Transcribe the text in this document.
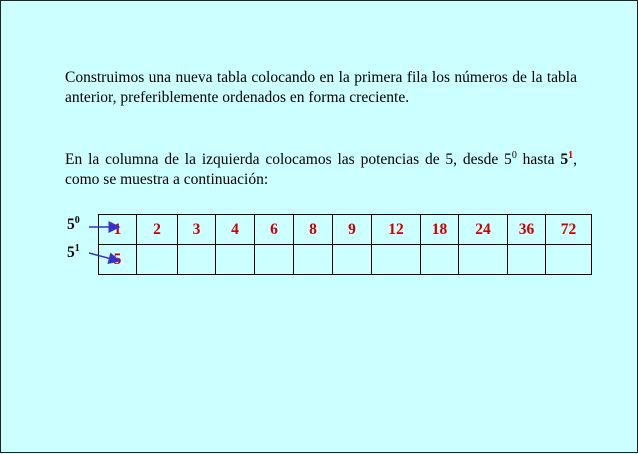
Construimos una nueva tabla colocando en la primera fila los números de la tabla anterior, preferiblemente ordenados en forma creciente.
En la columna de la izquierda colocamos las potencias de 5, desde $5^0$ hasta $5^1$, como se muestra a continuación:
$5^0$
$5^1$
1	2	3	4	6	8	9	12	18	24	36	72
5											
